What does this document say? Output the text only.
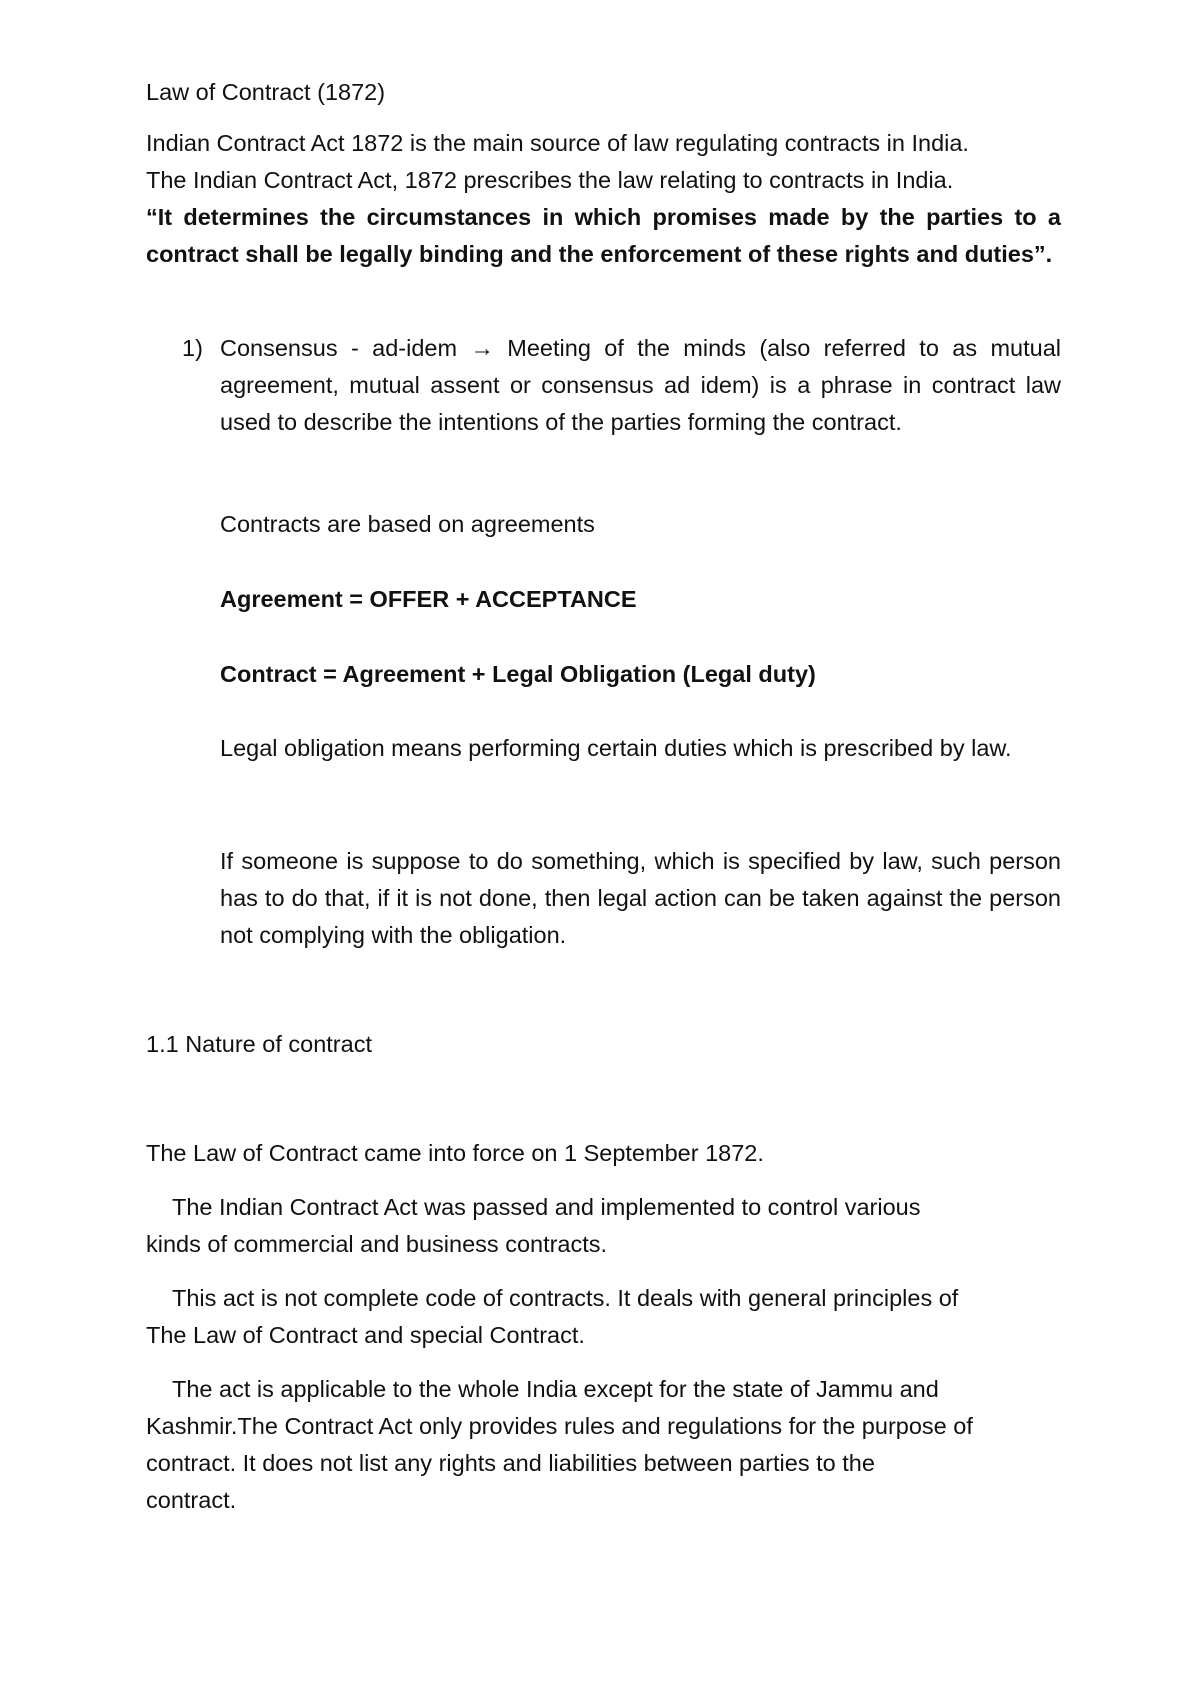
Law of Contract (1872)

Indian Contract Act 1872 is the main source of law regulating contracts in India.
The Indian Contract Act, 1872 prescribes the law relating to contracts in India.

“It determines the circumstances in which promises made by the parties to a contract shall be legally binding and the enforcement of these rights and duties”.

1) Consensus - ad-idem → Meeting of the minds (also referred to as mutual agreement, mutual assent or consensus ad idem) is a phrase in contract law used to describe the intentions of the parties forming the contract.

Contracts are based on agreements

Agreement = OFFER + ACCEPTANCE

Contract = Agreement + Legal Obligation (Legal duty)

Legal obligation means performing certain duties which is prescribed by law.

If someone is suppose to do something, which is specified by law, such person has to do that, if it is not done, then legal action can be taken against the person not complying with the obligation.

1.1 Nature of contract

The Law of Contract came into force on 1 September 1872.

The Indian Contract Act was passed and implemented to control various
kinds of commercial and business contracts.
This act is not complete code of contracts. It deals with general principles of
The Law of Contract and special Contract.
The act is applicable to the whole India except for the state of Jammu and
Kashmir.The Contract Act only provides rules and regulations for the purpose of
contract. It does not list any rights and liabilities between parties to the
contract.
